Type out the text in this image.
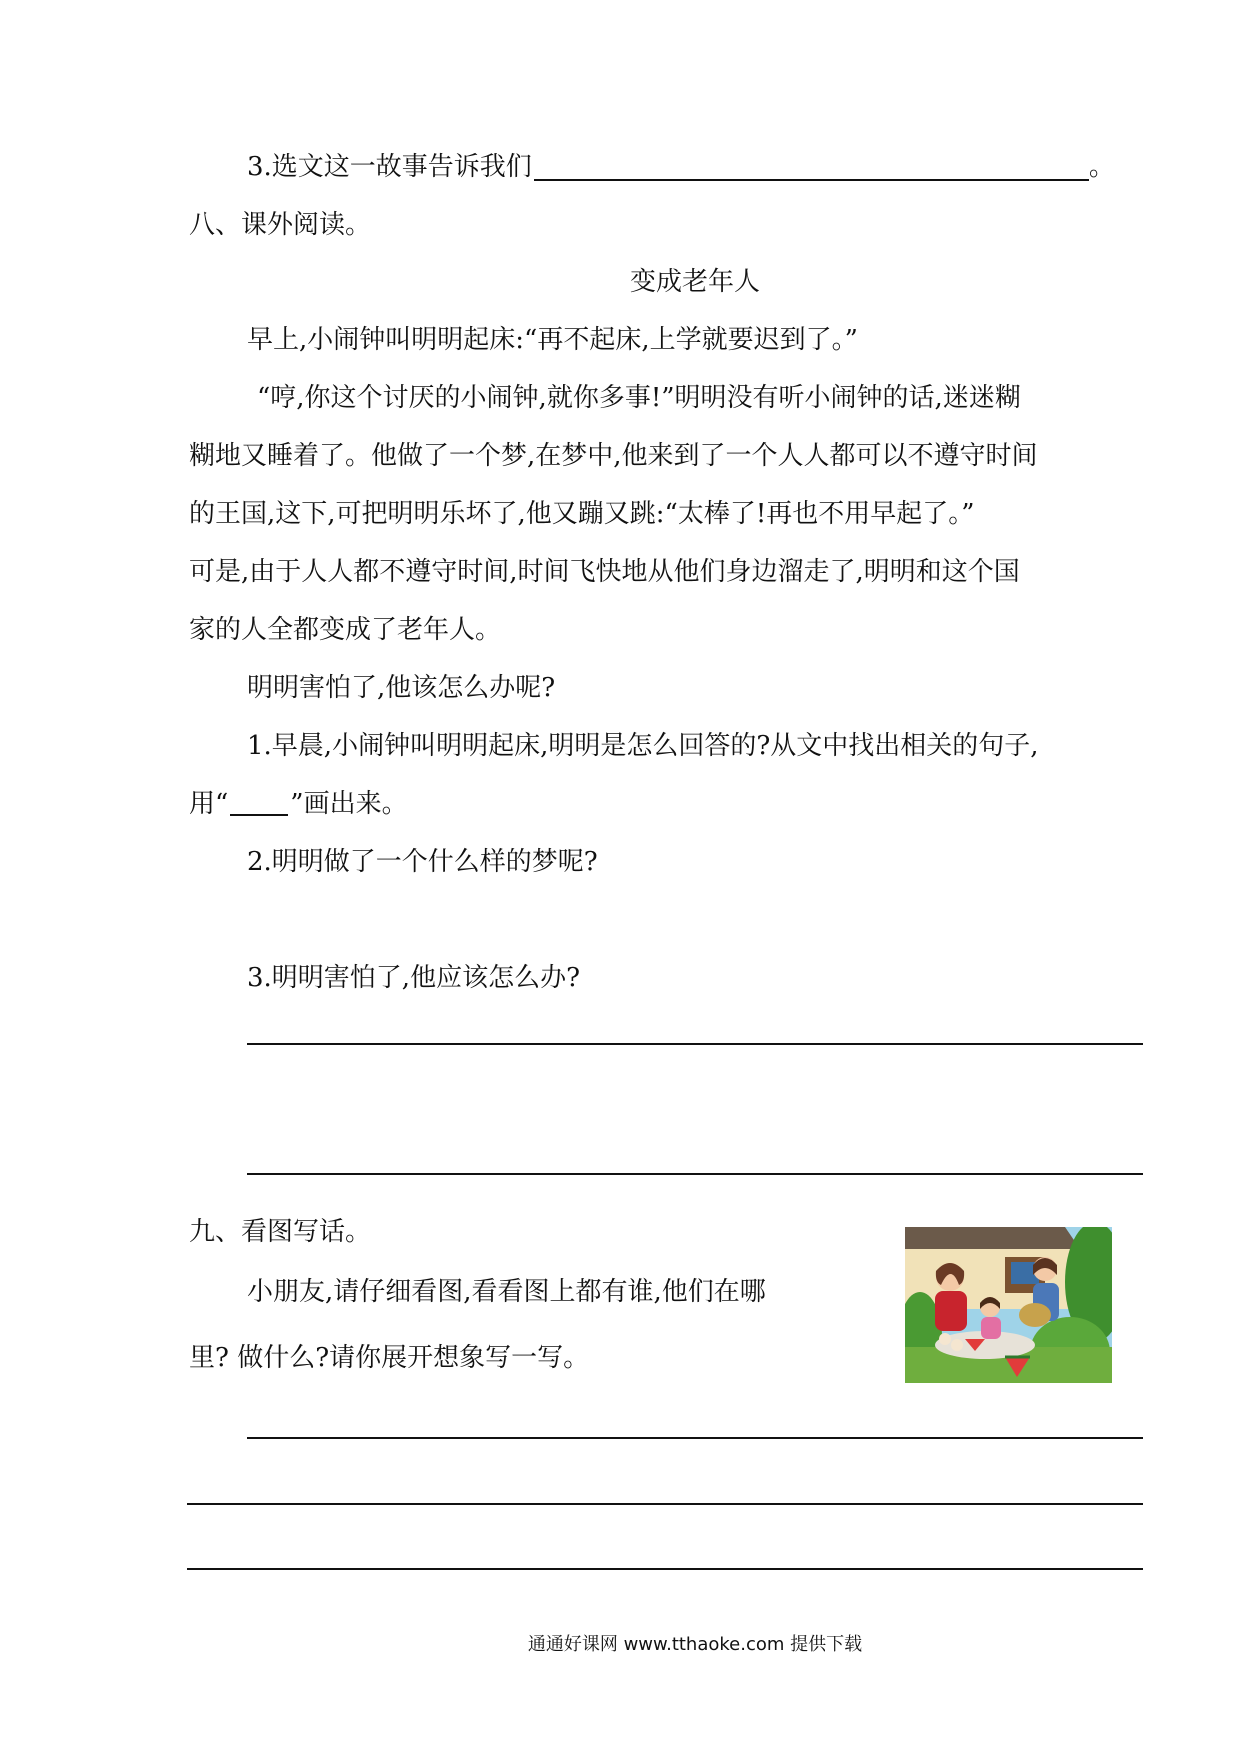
3.选文这一故事告诉我们	。
八、课外阅读。
变成老年人
早上,小闹钟叫明明起床:“再不起床,上学就要迟到了。”
“哼,你这个讨厌的小闹钟,就你多事!”明明没有听小闹钟的话,迷迷糊
糊地又睡着了。他做了一个梦,在梦中,他来到了一个人人都可以不遵守时间
的王国,这下,可把明明乐坏了,他又蹦又跳:“太棒了!再也不用早起了。”
可是,由于人人都不遵守时间,时间飞快地从他们身边溜走了,明明和这个国
家的人全都变成了老年人。
明明害怕了,他该怎么办呢?
1.早晨,小闹钟叫明明起床,明明是怎么回答的?从文中找出相关的句子,
用“ ”画出来。
2.明明做了一个什么样的梦呢?
3.明明害怕了,他应该怎么办?
九、看图写话。
小朋友,请仔细看图,看看图上都有谁,他们在哪
里? 做什么?请你展开想象写一写。
通通好课网 www.tthaoke.com 提供下载
